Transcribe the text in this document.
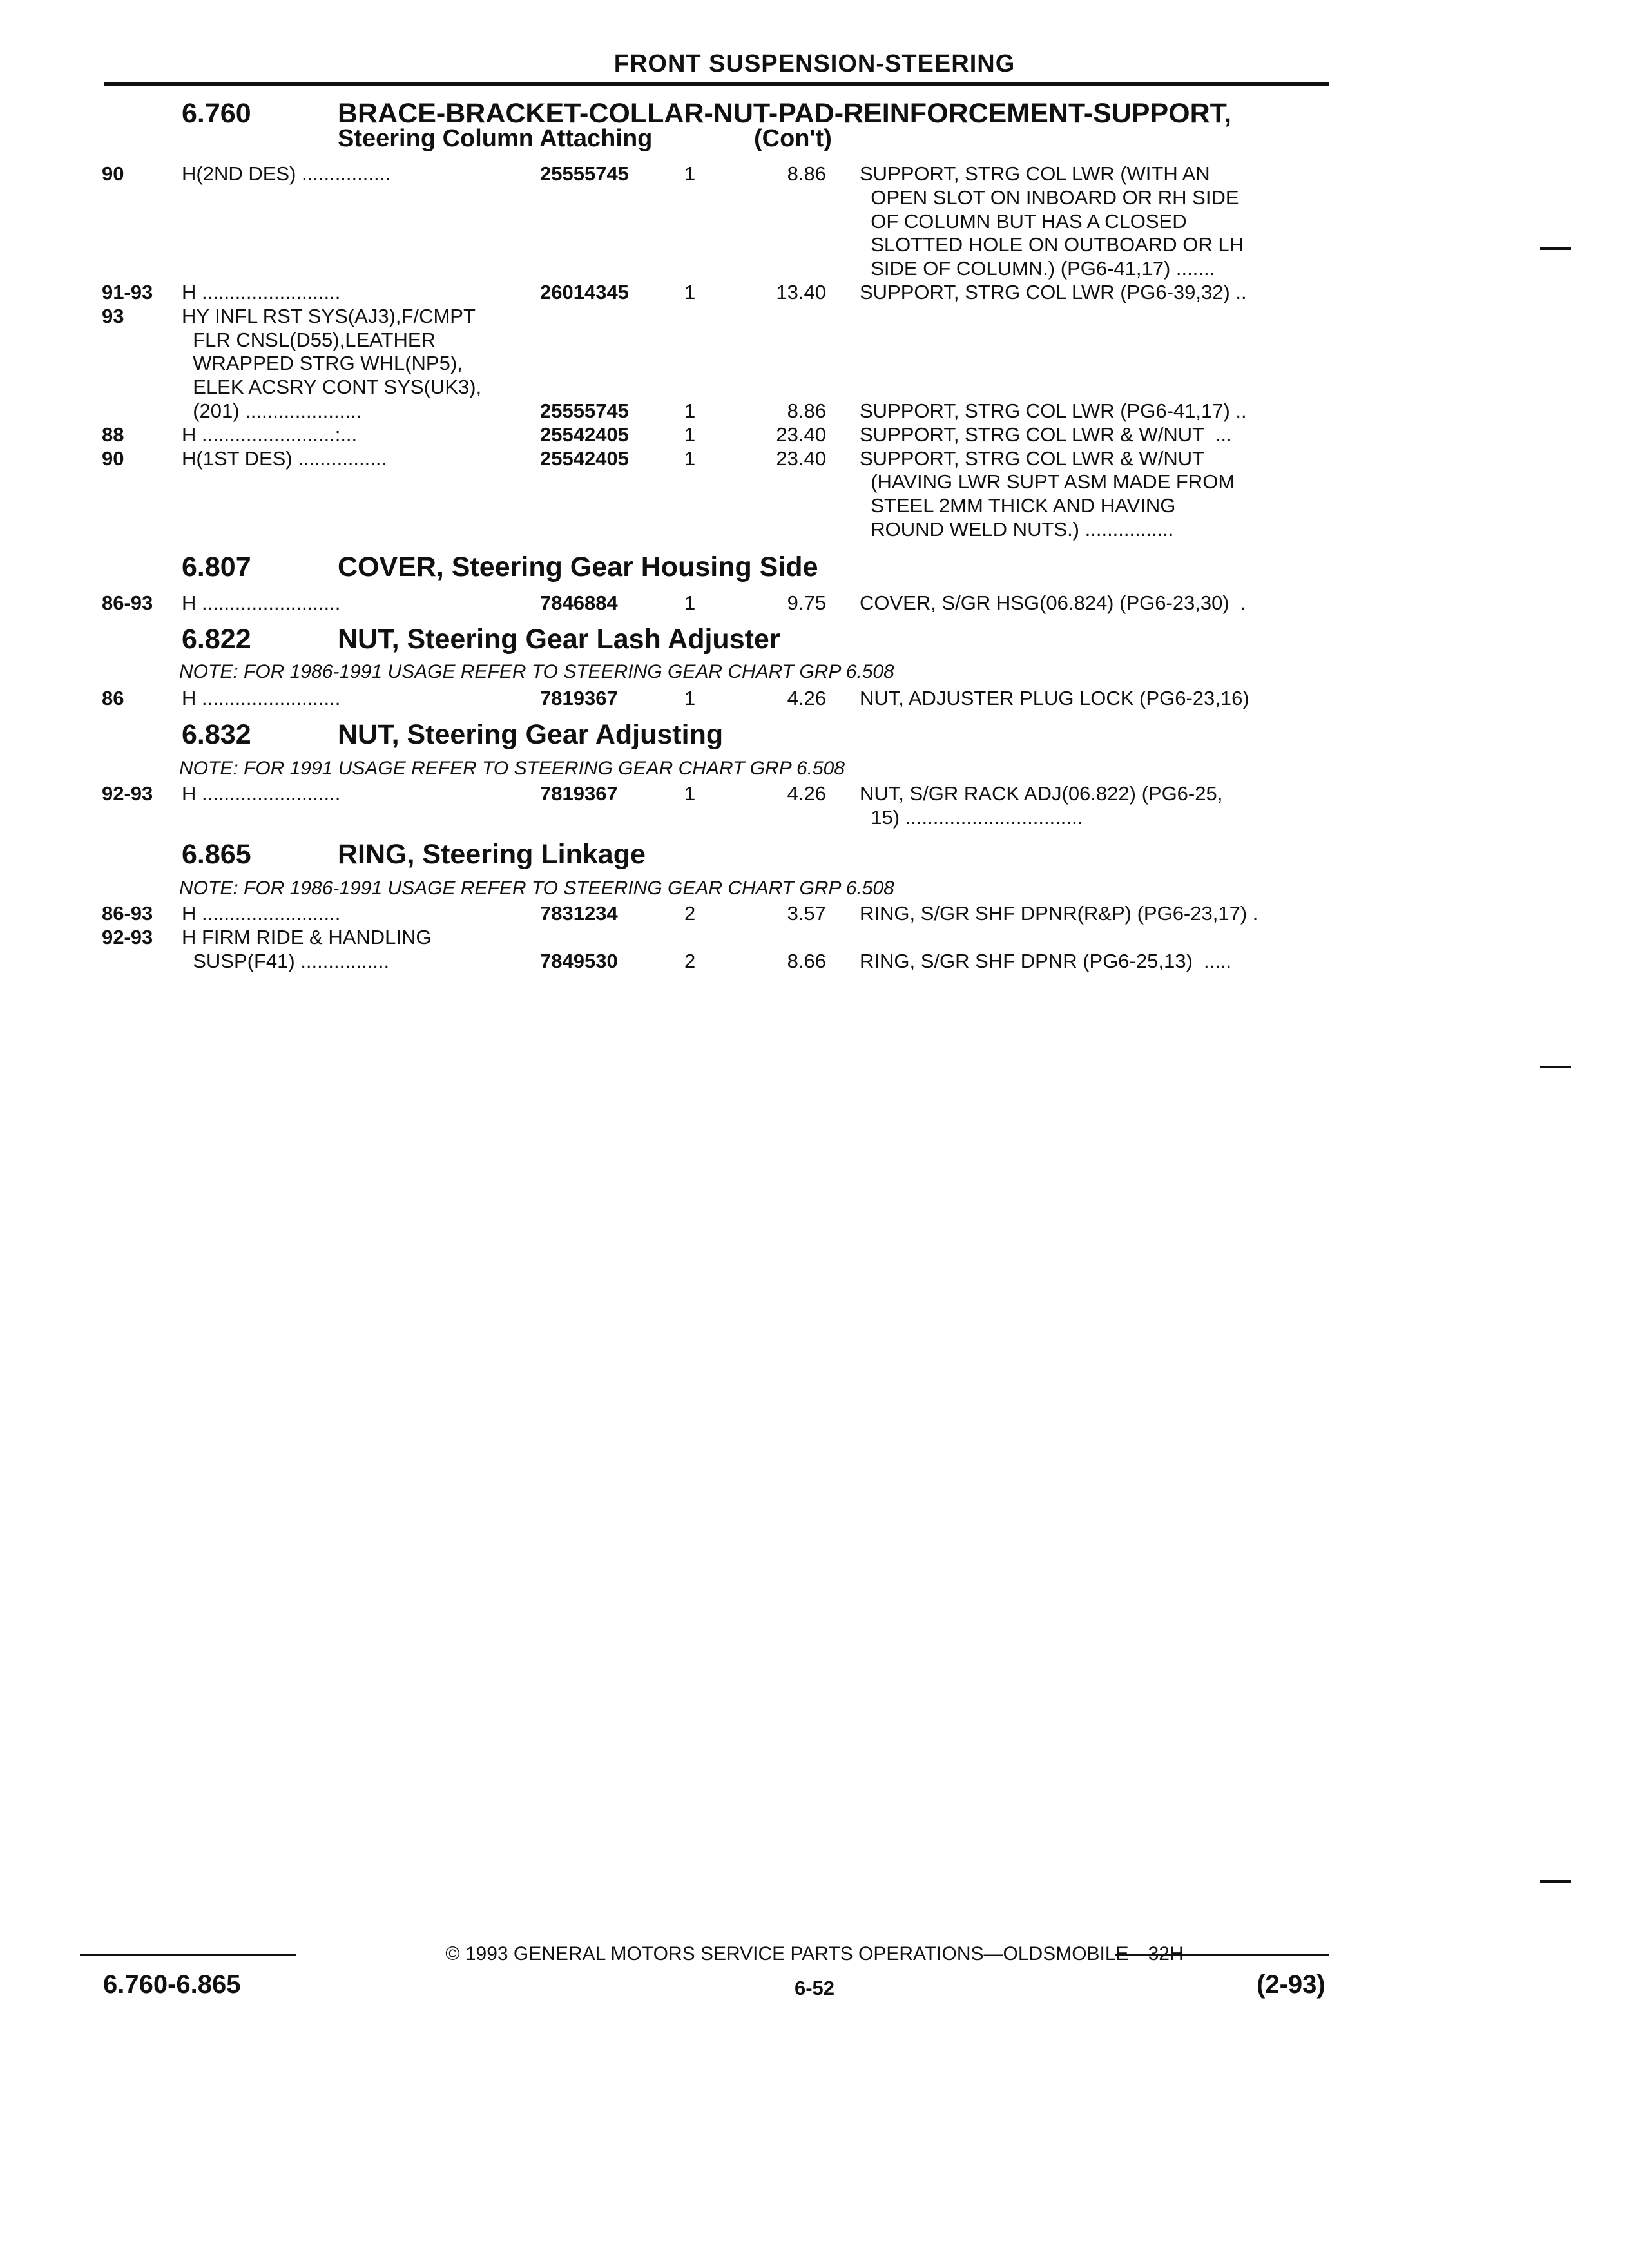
FRONT SUSPENSION-STEERING
6.760	BRACE-BRACKET-COLLAR-NUT-PAD-REINFORCEMENT-SUPPORT,
Steering Column Attaching	(Con't)
90	H(2ND DES) ................	25555745	1	8.86 SUPPORT, STRG COL LWR (WITH AN
OPEN SLOT ON INBOARD OR RH SIDE
OF COLUMN BUT HAS A CLOSED
SLOTTED HOLE ON OUTBOARD OR LH
SIDE OF COLUMN.) (PG6-41,17) .......
91-93 H .........................	26014345	1	13.40 SUPPORT, STRG COL LWR (PG6-39,32) ..
93	HY INFL RST SYS(AJ3),F/CMPT
FLR CNSL(D55),LEATHER
WRAPPED STRG WHL(NP5),
ELEK ACSRY CONT SYS(UK3),
(201) .....................	25555745	1	8.86 SUPPORT, STRG COL LWR (PG6-41,17) ..
88	H ........................:...	25542405	1	23.40 SUPPORT, STRG COL LWR & W/NUT  ...
90	H(1ST DES) ................	25542405	1	23.40 SUPPORT, STRG COL LWR & W/NUT
(HAVING LWR SUPT ASM MADE FROM
STEEL 2MM THICK AND HAVING
ROUND WELD NUTS.) ................
6.807	COVER, Steering Gear Housing Side
86-93 H .........................	7846884	1	9.75 COVER, S/GR HSG(06.824) (PG6-23,30)  .
6.822	NUT, Steering Gear Lash Adjuster
NOTE: FOR 1986-1991 USAGE REFER TO STEERING GEAR CHART GRP 6.508
86	H .........................	7819367	1	4.26 NUT, ADJUSTER PLUG LOCK (PG6-23,16)
6.832	NUT, Steering Gear Adjusting
NOTE: FOR 1991 USAGE REFER TO STEERING GEAR CHART GRP 6.508
92-93 H .........................	7819367	1	4.26 NUT, S/GR RACK ADJ(06.822) (PG6-25,
15) ................................
6.865	RING, Steering Linkage
NOTE: FOR 1986-1991 USAGE REFER TO STEERING GEAR CHART GRP 6.508
86-93 H .........................	7831234	2	3.57 RING, S/GR SHF DPNR(R&P) (PG6-23,17) .
92-93 H FIRM RIDE & HANDLING
SUSP(F41) ................	7849530	2	8.66 RING, S/GR SHF DPNR (PG6-25,13)  .....
© 1993 GENERAL MOTORS SERVICE PARTS OPERATIONS—OLDSMOBILE—32H
6.760-6.865	6-52	(2-93)
